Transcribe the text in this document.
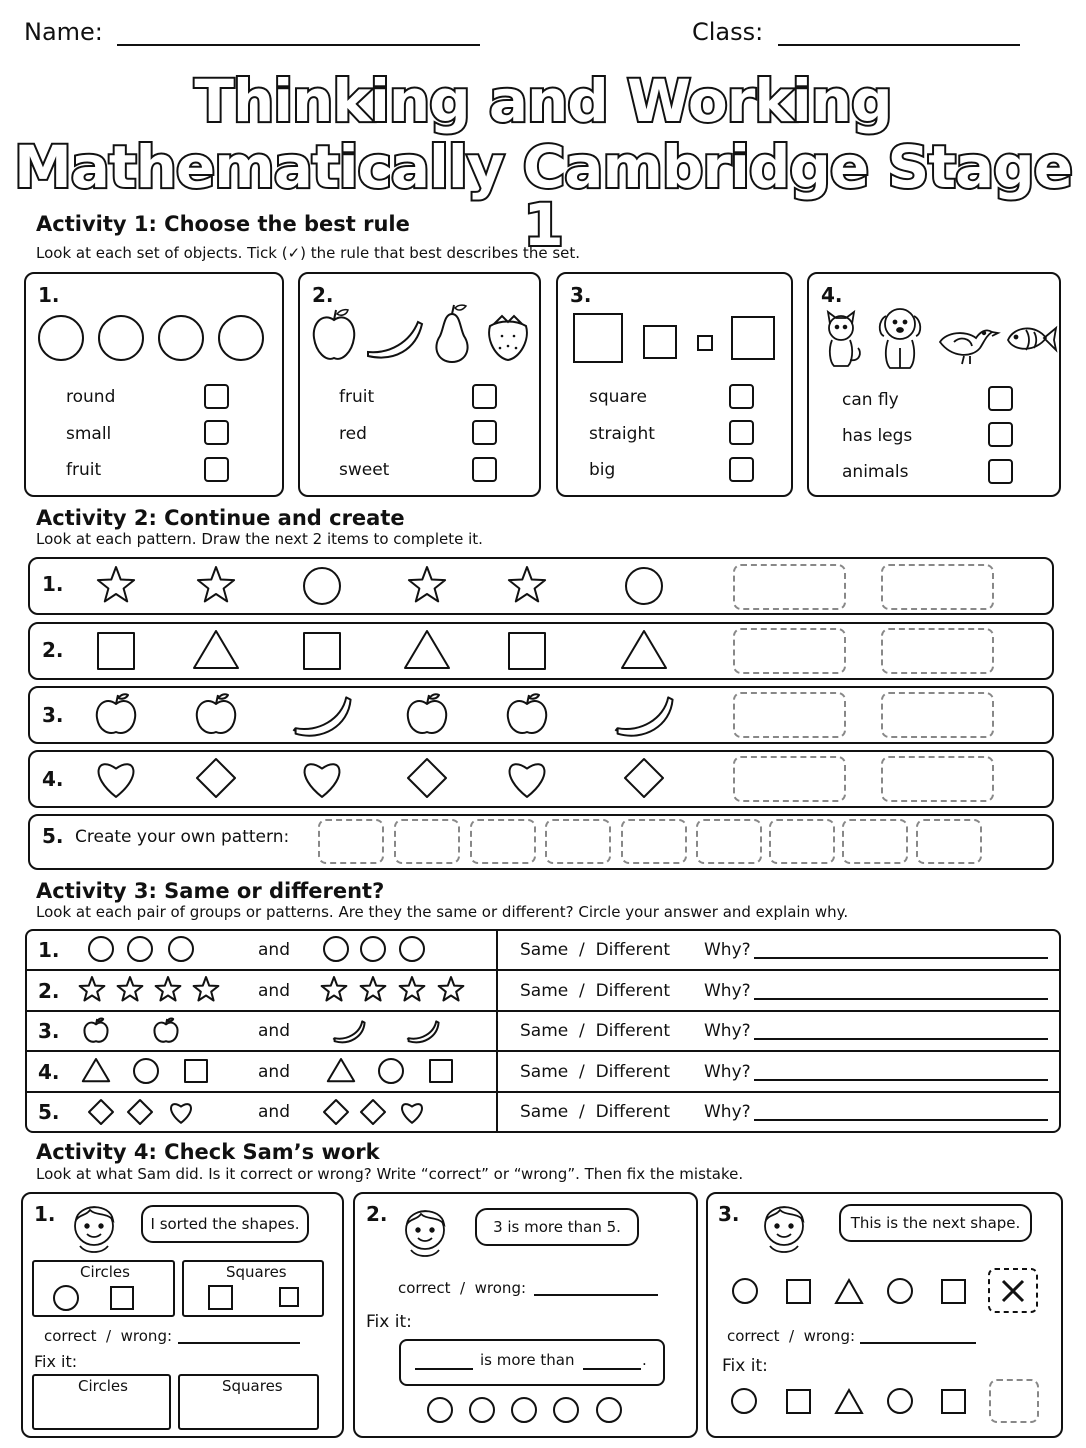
Name:	Class:
Thinking and Working
Mathematically Cambridge Stage 1
Activity 1: Choose the best rule
Look at each set of objects. Tick (✓) the rule that best describes the set.
1.
round
small
fruit
2.
fruit
red
sweet
3.
square
straight
big
4.
can fly
has legs
animals
Activity 2: Continue and create
Look at each pattern. Draw the next 2 items to complete it.
1.
2.
3.
4.
5. Create your own pattern:
Activity 3: Same or different?
Look at each pair of groups or patterns. Are they the same or different? Circle your answer and explain why.
1.	and	Same  /  Different Why?
2.	and	Same  /  Different Why?
3.	and	Same  /  Different Why?
4.	and	Same  /  Different Why?
5.	and	Same  /  Different Why?
Activity 4: Check Sam’s work
Look at what Sam did. Is it correct or wrong? Write “correct” or “wrong”. Then fix the mistake.
1.	I sorted the shapes.
Circles	Squares
correct  /  wrong:
Fix it:
Circles	Squares
2.
3 is more than 5.
correct  /  wrong:
Fix it:
is more than	.
3.	This is the next shape.
correct  /  wrong:
Fix it:
